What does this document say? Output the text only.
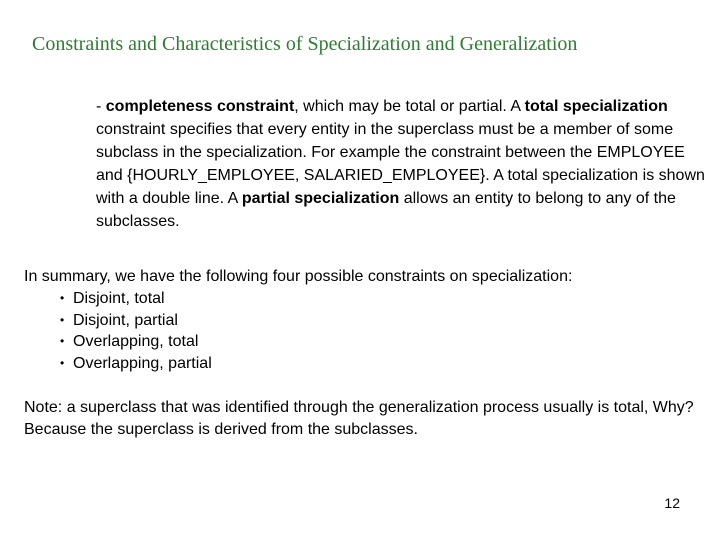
Constraints and Characteristics of Specialization and Generalization

- completeness constraint, which may be total or partial. A total specialization constraint specifies that every entity in the superclass must be a member of some subclass in the specialization. For example the constraint between the EMPLOYEE and {HOURLY_EMPLOYEE, SALARIED_EMPLOYEE}. A total specialization is shown with a double line. A partial specialization allows an entity to belong to any of the subclasses.

In summary, we have the following four possible constraints on specialization:
• Disjoint, total
• Disjoint, partial
• Overlapping, total
• Overlapping, partial
Note: a superclass that was identified through the generalization process usually is total, Why?
Because the superclass is derived from the subclasses.
12
